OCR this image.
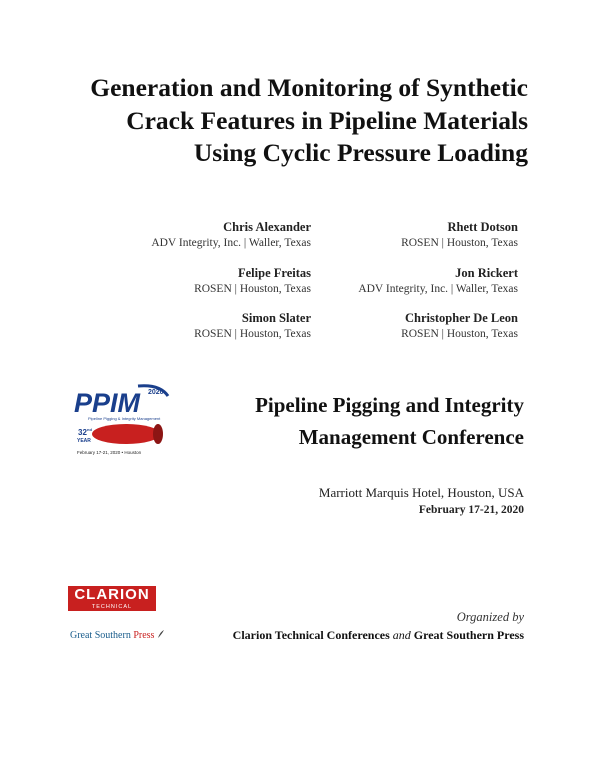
Generation and Monitoring of Synthetic Crack Features in Pipeline Materials Using Cyclic Pressure Loading
Chris Alexander
ADV Integrity, Inc. | Waller, Texas
Rhett Dotson
ROSEN | Houston, Texas
Felipe Freitas
ROSEN | Houston, Texas
Jon Rickert
ADV Integrity, Inc. | Waller, Texas
Simon Slater
ROSEN | Houston, Texas
Christopher De Leon
ROSEN | Houston, Texas
2020
PPIM
Pipeline Pigging & Integrity Management
32 nd
YEAR
February 17-21, 2020 • Houston
Pipeline Pigging and Integrity
Management Conference
Marriott Marquis Hotel, Houston, USA
February 17-21, 2020
CLARION
TECHNICAL CONFERENCES
Great Southern Press
Organized by
Clarion Technical Conferences and Great Southern Press
